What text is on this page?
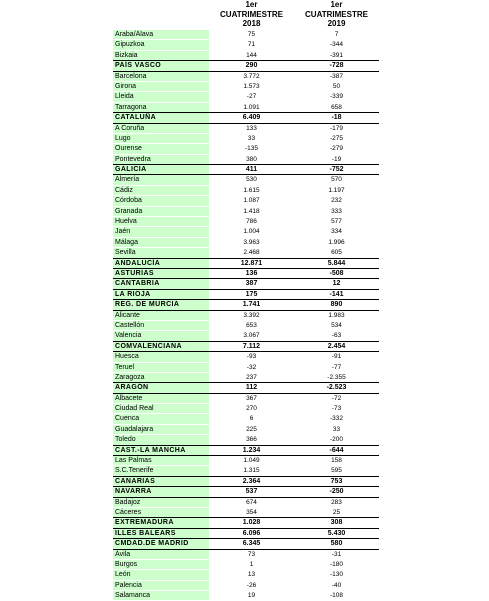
1er
CUATRIMESTRE
2018
1er
CUATRIMESTRE
2019
Araba/Álava	75	7
Gipuzkoa	71	-344
Bizkaia	144	-391
PAÍS VASCO	290	-728
Barcelona	3.772	-387
Girona	1.573	50
Lleida	-27	-339
Tarragona	1.091	658
CATALUÑA	6.409	-18
A Coruña	133	-179
Lugo	33	-275
Ourense	-135	-279
Pontevedra	380	-19
GALICIA	411	-752
Almería	530	570
Cádiz	1.615	1.197
Córdoba	1.087	232
Granada	1.418	333
Huelva	786	577
Jaén	1.004	334
Málaga	3.963	1.996
Sevilla	2.468	605
ANDALUCÍA	12.871	5.844
ASTURIAS	136	-508
CANTABRIA	387	12
LA RIOJA	175	-141
REG. DE MURCIA	1.741	890
Alicante	3.392	1.983
Castellón	653	534
Valencia	3.067	-63
COMVALENCIANA	7.112	2.454
Huesca	-93	-91
Teruel	-32	-77
Zaragoza	237	-2.355
ARAGÓN	112	-2.523
Albacete	367	-72
Ciudad Real	270	-73
Cuenca	6	-332
Guadalajara	225	33
Toledo	366	-200
CAST.-LA MANCHA	1.234	-644
Las Palmas	1.049	158
S.C.Tenerife	1.315	595
CANARIAS	2.364	753
NAVARRA	537	-250
Badajoz	674	283
Cáceres	354	25
EXTREMADURA	1.028	308
ILLES BALEARS	6.096	5.430
CMDAD.DE MADRID	6.345	580
Ávila	73	-31
Burgos	1	-180
León	13	-130
Palencia	-26	-40
Salamanca	19	-108
